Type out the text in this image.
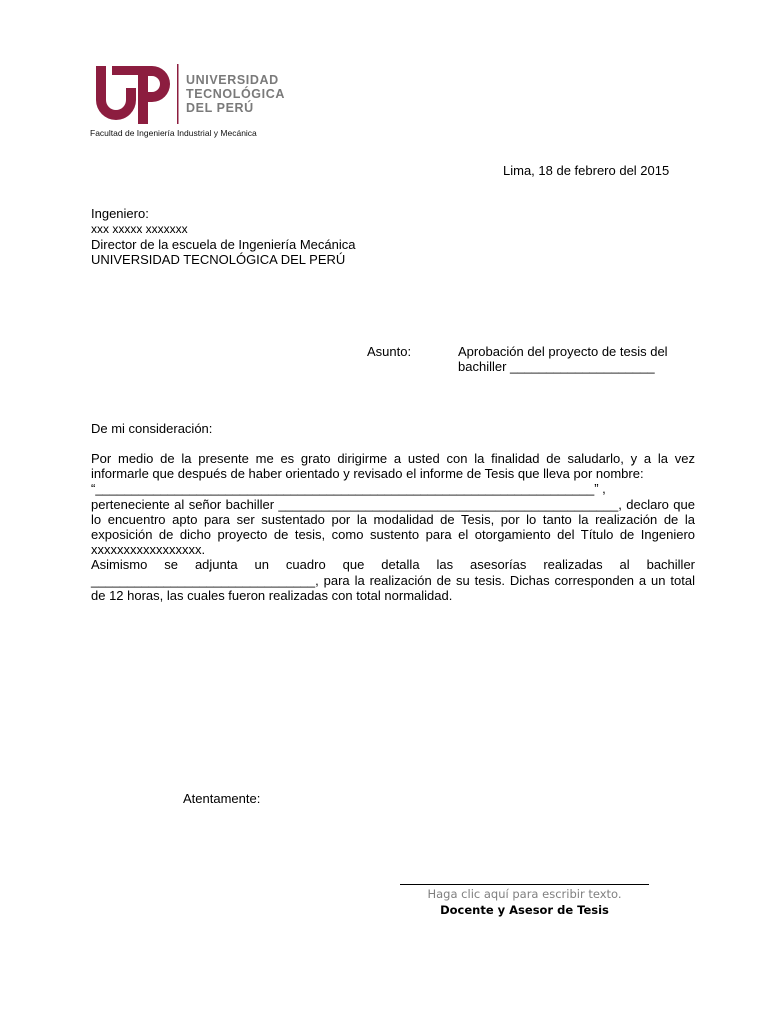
UNIVERSIDAD
TECNOLÓGICA
DEL PERÚ
Facultad de Ingeniería Industrial y Mecánica
Lima, 18 de febrero del 2015
Ingeniero:
xxx xxxxx xxxxxxx
Director de la escuela de Ingeniería Mecánica
UNIVERSIDAD TECNOLÓGICA DEL PERÚ
Asunto:	Aprobación del proyecto de tesis del
bachiller ____________________
De mi consideración:

Por medio de la presente me es grato dirigirme a usted con la finalidad de saludarlo, y a la vez informarle que después de haber orientado y revisado el informe de Tesis que lleva por nombre:

“_____________________________________________________________________” ,

perteneciente al señor bachiller _______________________________________________, declaro que lo encuentro apto para ser sustentado por la modalidad de Tesis, por lo tanto la realización de la exposición de dicho proyecto de tesis, como sustento para el otorgamiento del Título de Ingeniero xxxxxxxxxxxxxxxxx.

Asimismo se adjunta un cuadro que detalla las asesorías realizadas al bachiller _______________________________, para la realización de su tesis. Dichas corresponden a un total de 12 horas, las cuales fueron realizadas con total normalidad.

Atentamente:
Haga clic aquí para escribir texto.
Docente y Asesor de Tesis
